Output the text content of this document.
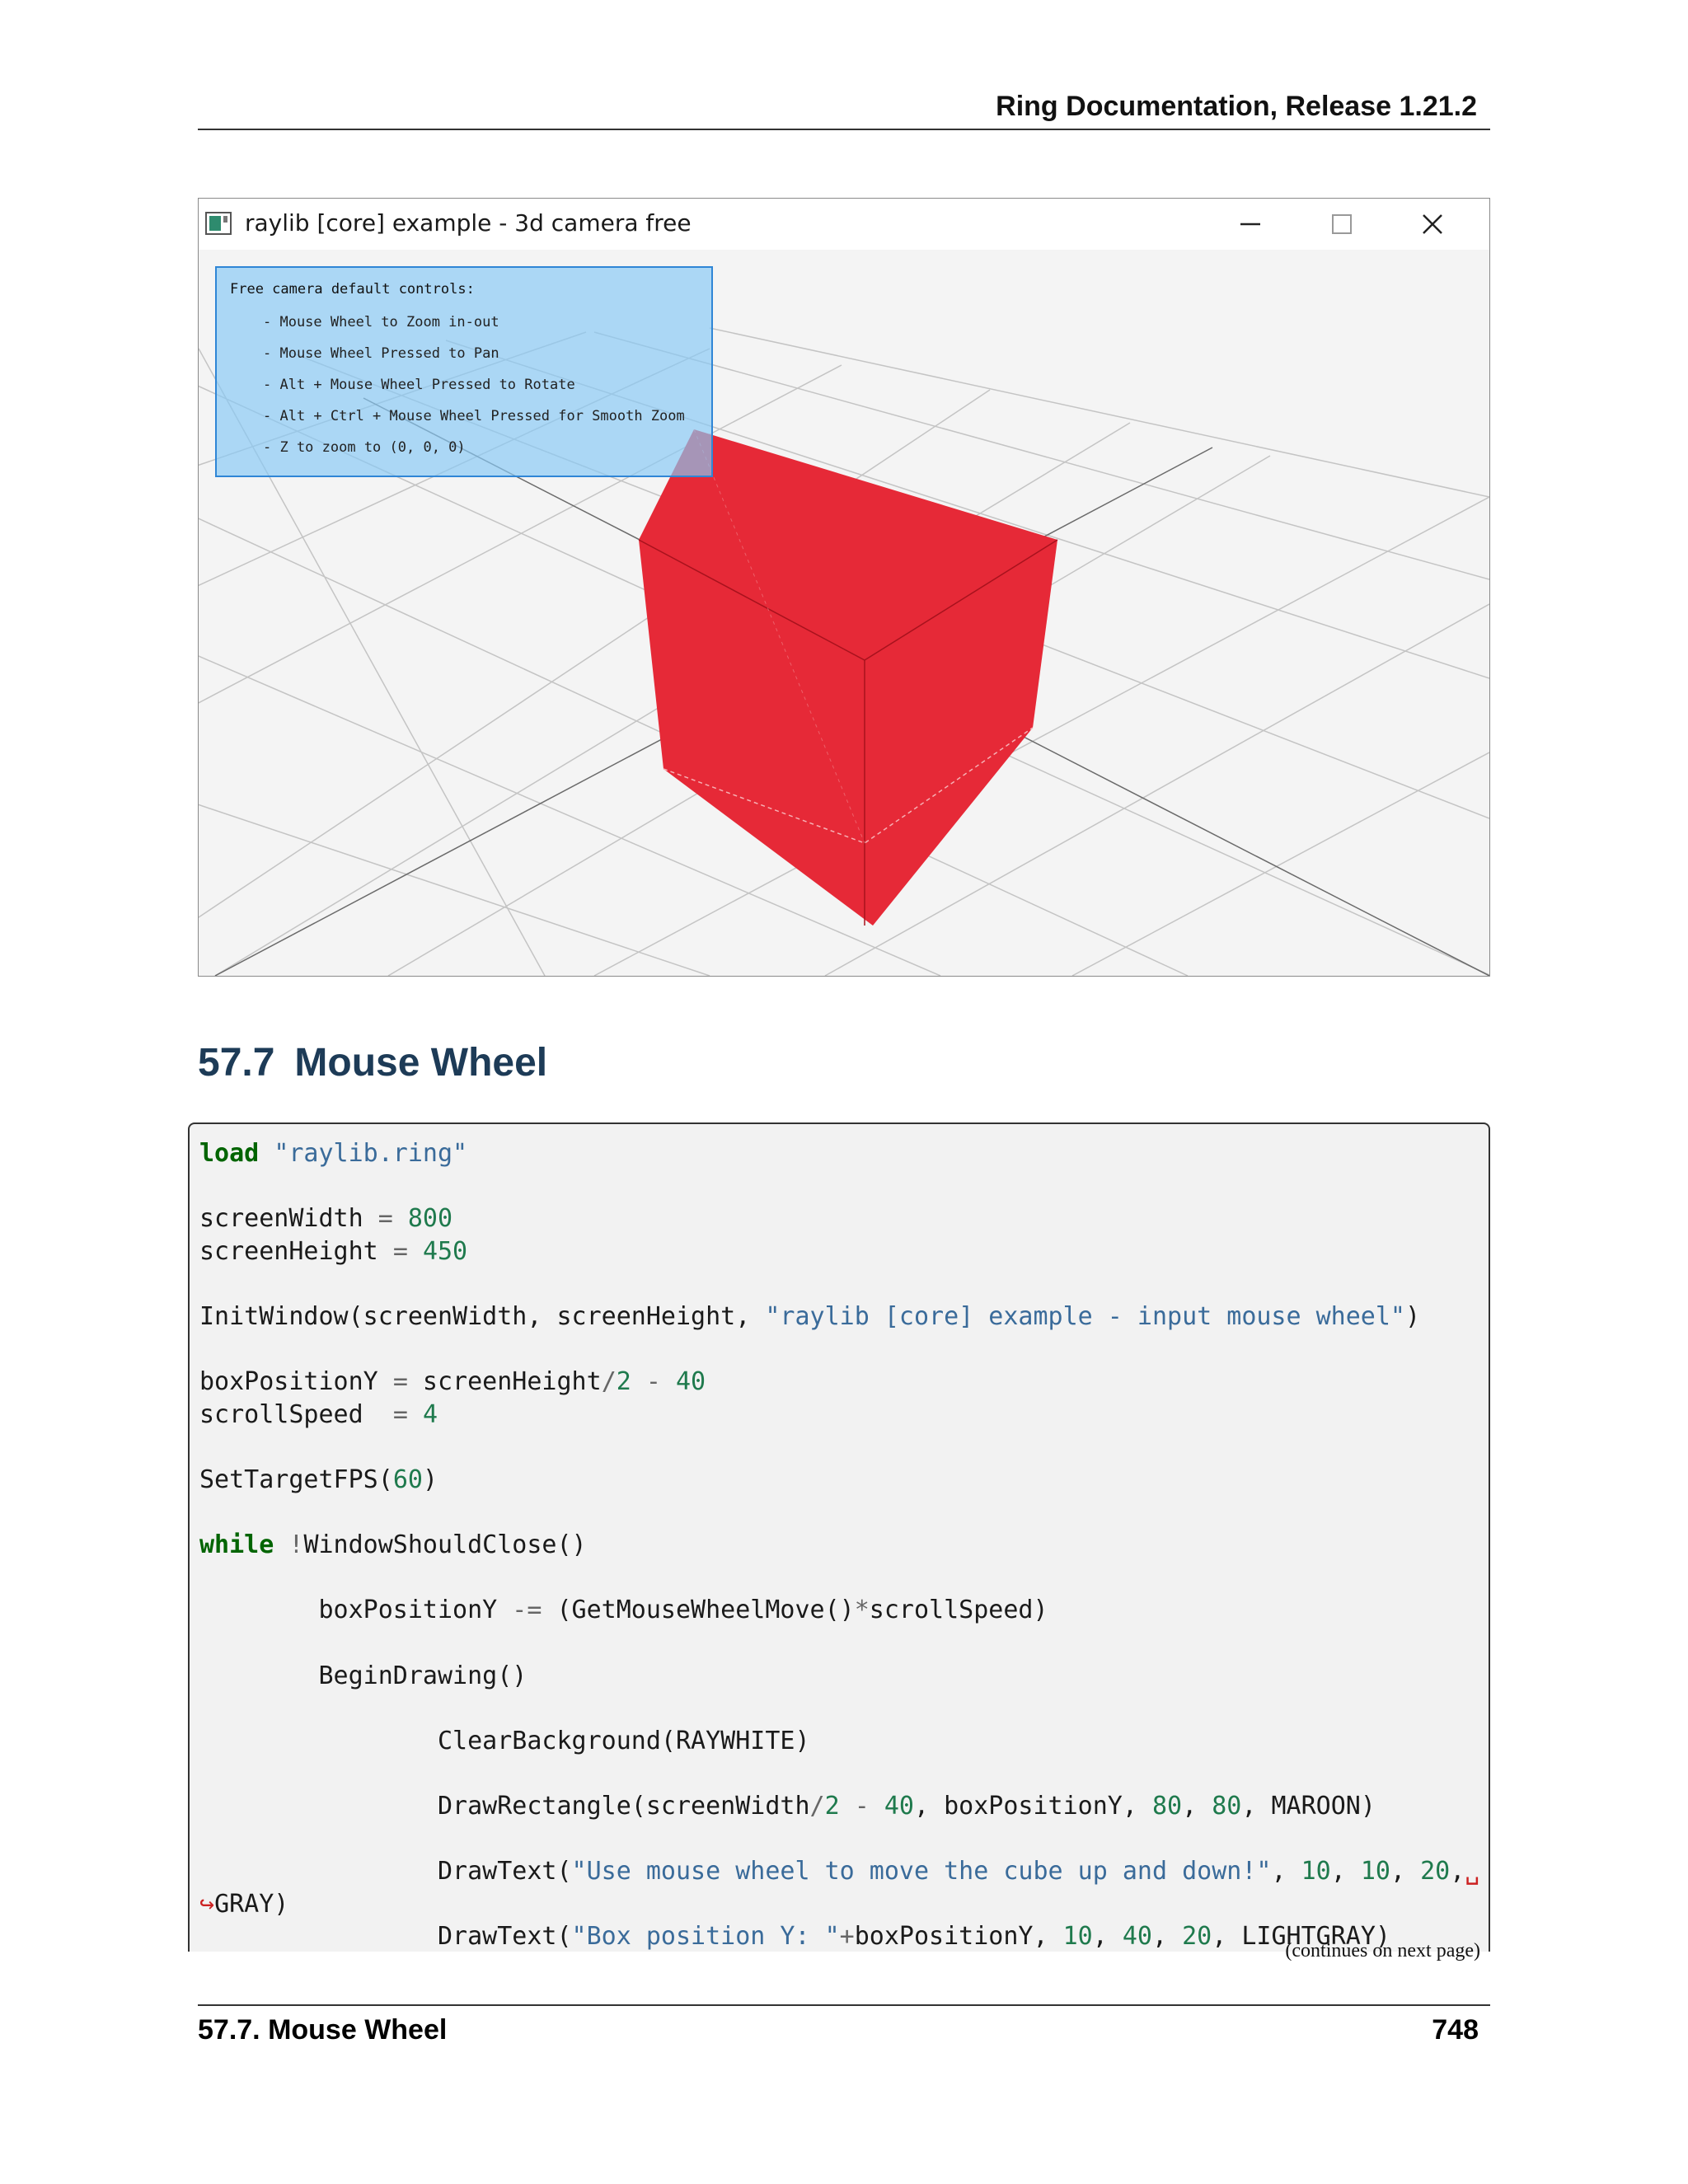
Ring Documentation, Release 1.21.2
raylib [core] example - 3d camera free
Free camera default controls:
- Mouse Wheel to Zoom in-out
- Mouse Wheel Pressed to Pan
- Alt + Mouse Wheel Pressed to Rotate
- Alt + Ctrl + Mouse Wheel Pressed for Smooth Zoom
- Z to zoom to (0, 0, 0)
57.7 Mouse Wheel
load "raylib.ring"

screenWidth = 800
screenHeight = 450

InitWindow(screenWidth, screenHeight, "raylib [core] example - input mouse wheel")

boxPositionY = screenHeight/2 - 40
scrollSpeed  = 4

SetTargetFPS(60)

while !WindowShouldClose()

boxPositionY -= (GetMouseWheelMove()*scrollSpeed)

BeginDrawing()

ClearBackground(RAYWHITE)

DrawRectangle(screenWidth/2 - 40, boxPositionY, 80, 80, MAROON)

DrawText("Use mouse wheel to move the cube up and down!", 10, 10, 20,␣
↪GRAY)
DrawText("Box position Y: "+boxPositionY, 10, 40, 20, LIGHTGRAY)

(continues on next page)
57.7. Mouse Wheel	748
